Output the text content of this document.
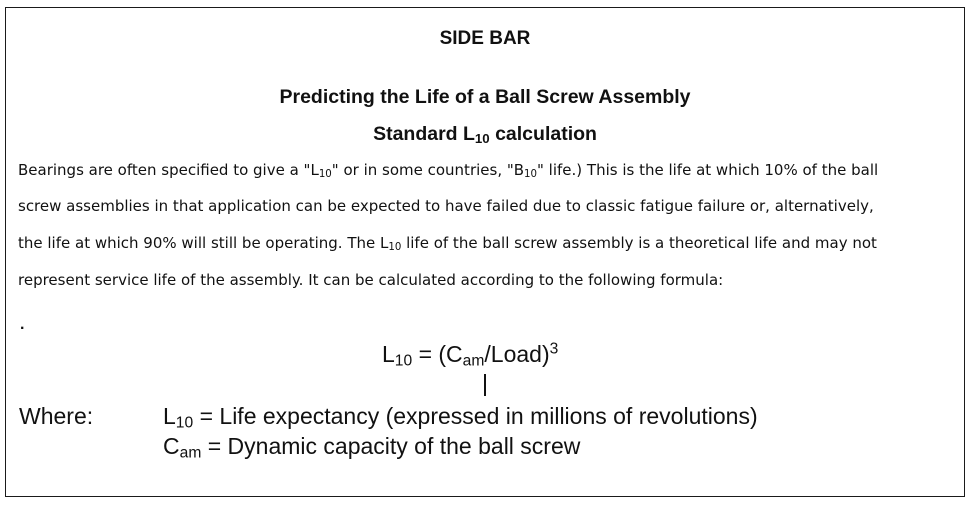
SIDE BAR
Predicting the Life of a Ball Screw Assembly
Standard $L_{10}$ calculation
Bearings are often specified to give a "$L_{10}$" or in some countries, "$B_{10}$" life.) This is the life at which 10% of the ball
screw assemblies in that application can be expected to have failed due to classic fatigue failure or, alternatively,
the life at which 90% will still be operating. The $L_{10}$ life of the ball screw assembly is a theoretical life and may not
represent service life of the assembly. It can be calculated according to the following formula:
.
$L_{10}$ = $(C_{am}/Load)^3$
Where:	$L_{10}$ = Life expectancy (expressed in millions of revolutions)
$C_{am}$ = Dynamic capacity of the ball screw
